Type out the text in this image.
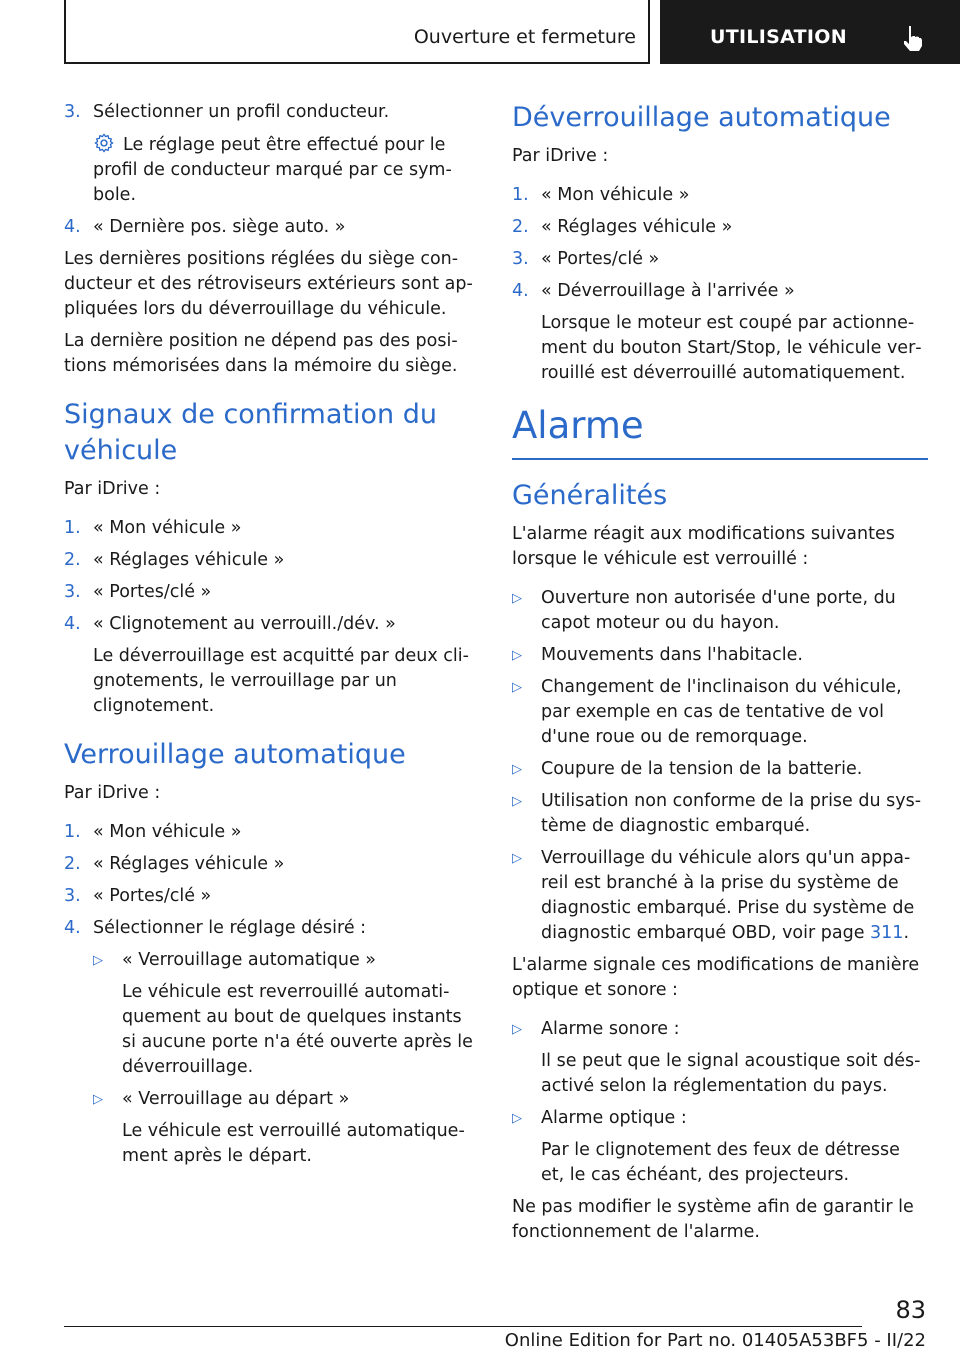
Ouverture et fermeture	UTILISATION
3. Sélectionner un profil conducteur.

Le réglage peut être effectué pour le profil de conducteur marqué par ce symbole.

4. « Dernière pos. siège auto. »

Les dernières positions réglées du siège conducteur et des rétroviseurs extérieurs sont appliquées lors du déverrouillage du véhicule.

La dernière position ne dépend pas des positions mémorisées dans la mémoire du siège.

Signaux de confirmation du véhicule

Par iDrive :

1. « Mon véhicule »
2. « Réglages véhicule »
3. « Portes/clé »
4. « Clignotement au verrouill./dév. »

Le déverrouillage est acquitté par deux clignotements, le verrouillage par un clignotement.

Verrouillage automatique

Par iDrive :

1. « Mon véhicule »
2. « Réglages véhicule »
3. « Portes/clé »
4. Sélectionner le réglage désiré :
▷	« Verrouillage automatique »

Le véhicule est reverrouillé automatiquement au bout de quelques instants si aucune porte n'a été ouverte après le déverrouillage.

▷	« Verrouillage au départ »

Le véhicule est verrouillé automatiquement après le départ.

Déverrouillage automatique

Par iDrive :

1. « Mon véhicule »
2. « Réglages véhicule »
3. « Portes/clé »
4. « Déverrouillage à l'arrivée »

Lorsque le moteur est coupé par actionnement du bouton Start/Stop, le véhicule verrouillé est déverrouillé automatiquement.

Alarme
Généralités

L'alarme réagit aux modifications suivantes lorsque le véhicule est verrouillé :

▷	Ouverture non autorisée d'une porte, du capot moteur ou du hayon.
▷	Mouvements dans l'habitacle.
▷	Changement de l'inclinaison du véhicule, par exemple en cas de tentative de vol d'une roue ou de remorquage.
▷	Coupure de la tension de la batterie.
▷	Utilisation non conforme de la prise du système de diagnostic embarqué.
▷	Verrouillage du véhicule alors qu'un appareil est branché à la prise du système de diagnostic embarqué. Prise du système de diagnostic embarqué OBD, voir page 311.

L'alarme signale ces modifications de manière optique et sonore :

▷	Alarme sonore :

Il se peut que le signal acoustique soit désactivé selon la réglementation du pays.

▷	Alarme optique :

Par le clignotement des feux de détresse et, le cas échéant, des projecteurs.

Ne pas modifier le système afin de garantir le fonctionnement de l'alarme.

83
Online Edition for Part no. 01405A53BF5 - II/22
